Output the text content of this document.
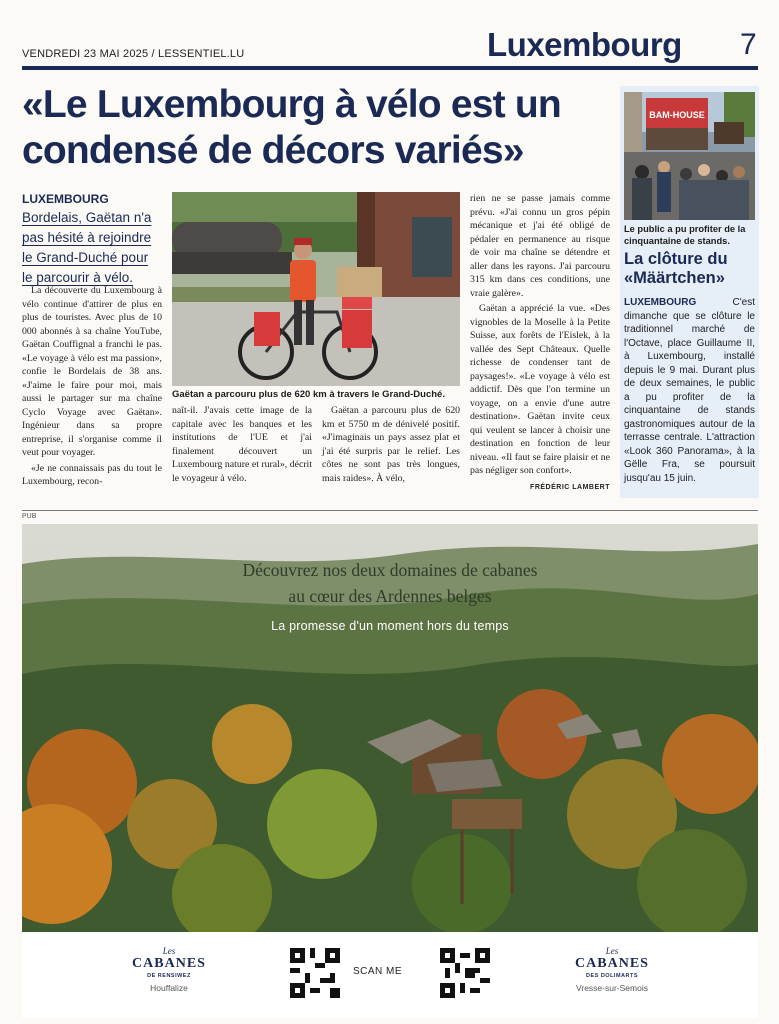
VENDREDI 23 MAI 2025 / LESSENTIEL.LU	Luxembourg 7
«Le Luxembourg à vélo est un condensé de décors variés»
LUXEMBOURG
Bordelais, Gaëtan n'a pas hésité à rejoindre le Grand-Duché pour le parcourir à vélo.

La découverte du Luxembourg à vélo continue d'attirer de plus en plus de touristes. Avec plus de 10 000 abonnés à sa chaîne YouTube, Gaëtan Couffignal a franchi le pas. «Le voyage à vélo est ma passion», confie le Bordelais de 38 ans. «J'aime le faire pour moi, mais aussi le partager sur ma chaîne Cyclo Voyage avec Gaëtan». Ingénieur dans sa propre entreprise, il s'organise comme il veut pour voyager.

«Je ne connaissais pas du tout le Luxembourg, recon-

Gaëtan a parcouru plus de 620 km à travers le Grand-Duché.

naît-il. J'avais cette image de la capitale avec les banques et les institutions de l'UE et j'ai finalement découvert un Luxembourg nature et rural», décrit le voyageur à vélo.

Gaëtan a parcouru plus de 620 km et 5750 m de dénivelé positif. «J'imaginais un pays assez plat et j'ai été surpris par le relief. Les côtes ne sont pas très longues, mais raides». À vélo,

rien ne se passe jamais comme prévu. «J'ai connu un gros pépin mécanique et j'ai été obligé de pédaler en permanence au risque de voir ma chaîne se détendre et aller dans les rayons. J'ai parcouru 315 km dans ces conditions, une vraie galère».

Gaëtan a apprécié la vue. «Des vignobles de la Moselle à la Petite Suisse, aux forêts de l'Eislek, à la vallée des Sept Châteaux. Quelle richesse de condenser tant de paysages!». «Le voyage à vélo est addictif. Dès que l'on termine un voyage, on a envie d'une autre destination». Gaëtan invite ceux qui veulent se lancer à choisir une destination en fonction de leur niveau. «Il faut se faire plaisir et ne pas négliger son confort».

FRÉDÉRIC LAMBERT

BAM-HOUSE
Le public a pu profiter de la cinquantaine de stands.
La clôture du «Määrtchen»
LUXEMBOURG	C'est dimanche que se clôture le traditionnel marché de l'Octave, place Guillaume II, à Luxembourg, installé depuis le 9 mai. Durant plus de deux semaines, le public a pu profiter de la cinquantaine de stands gastronomiques autour de la terrasse centrale. L'attraction «Look 360 Panorama», à la Gëlle Fra, se poursuit jusqu'au 15 juin.
PUB
Découvrez nos deux domaines de cabanes
au cœur des Ardennes belges
La promesse d'un moment hors du temps
Les
CABANES
DE RENSIWEZ
Houffalize
SCAN ME
Les
CABANES
DES DOLIMARTS
Vresse-sur-Semois
